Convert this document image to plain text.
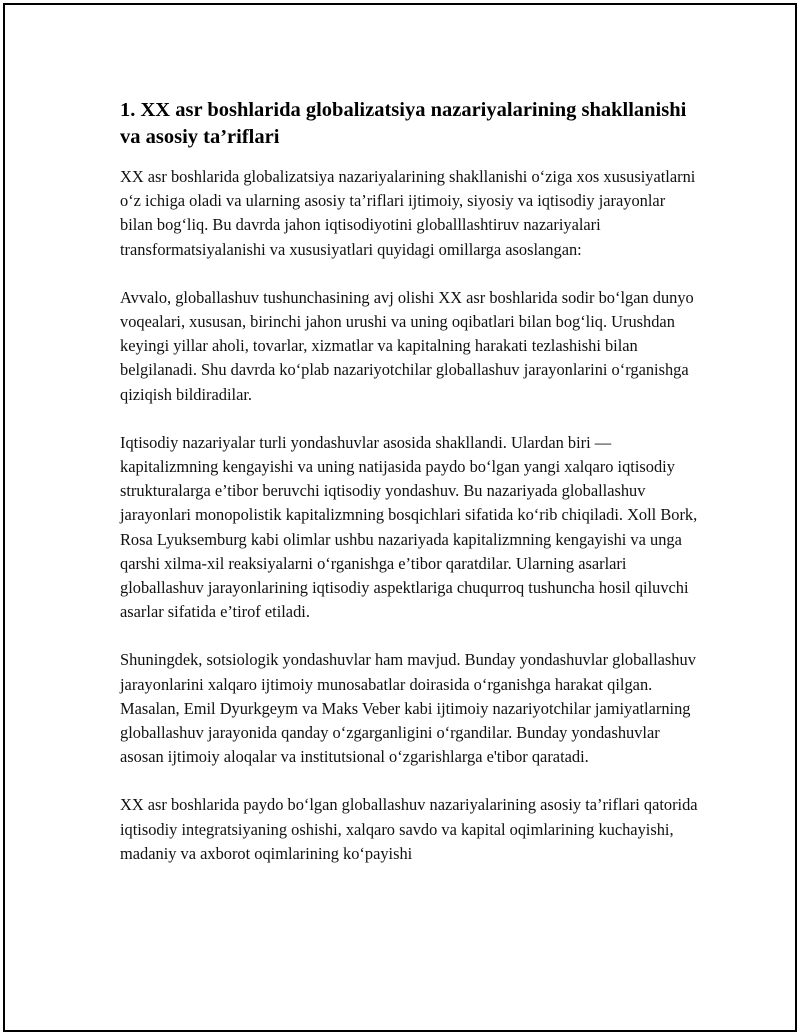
1. XX asr boshlarida globalizatsiya nazariyalarining shakllanishi va asosiy ta’riflari

XX asr boshlarida globalizatsiya nazariyalarining shakllanishi o‘ziga xos xususiyatlarni o‘z ichiga oladi va ularning asosiy ta’riflari ijtimoiy, siyosiy va iqtisodiy jarayonlar bilan bog‘liq. Bu davrda jahon iqtisodiyotini globalllashtiruv nazariyalari transformatsiyalanishi va xususiyatlari quyidagi omillarga asoslangan:

Avvalo, globallashuv tushunchasining avj olishi XX asr boshlarida sodir bo‘lgan dunyo voqealari, xususan, birinchi jahon urushi va uning oqibatlari bilan bog‘liq. Urushdan keyingi yillar aholi, tovarlar, xizmatlar va kapitalning harakati tezlashishi bilan belgilanadi. Shu davrda ko‘plab nazariyotchilar globallashuv jarayonlarini o‘rganishga qiziqish bildiradilar.

Iqtisodiy nazariyalar turli yondashuvlar asosida shakllandi. Ulardan biri — kapitalizmning kengayishi va uning natijasida paydo bo‘lgan yangi xalqaro iqtisodiy strukturalarga e’tibor beruvchi iqtisodiy yondashuv. Bu nazariyada globallashuv jarayonlari monopolistik kapitalizmning bosqichlari sifatida ko‘rib chiqiladi. Xoll Bork, Rosa Lyuksemburg kabi olimlar ushbu nazariyada kapitalizmning kengayishi va unga qarshi xilma-xil reaksiyalarni o‘rganishga e’tibor qaratdilar. Ularning asarlari globallashuv jarayonlarining iqtisodiy aspektlariga chuqurroq tushuncha hosil qiluvchi asarlar sifatida e’tirof etiladi.

Shuningdek, sotsiologik yondashuvlar ham mavjud. Bunday yondashuvlar globallashuv jarayonlarini xalqaro ijtimoiy munosabatlar doirasida o‘rganishga harakat qilgan. Masalan, Emil Dyurkgeym va Maks Veber kabi ijtimoiy nazariyotchilar jamiyatlarning globallashuv jarayonida qanday o‘zgarganligini o‘rgandilar. Bunday yondashuvlar asosan ijtimoiy aloqalar va institutsional o‘zgarishlarga e'tibor qaratadi.

XX asr boshlarida paydo bo‘lgan globallashuv nazariyalarining asosiy ta’riflari qatorida iqtisodiy integratsiyaning oshishi, xalqaro savdo va kapital oqimlarining kuchayishi, madaniy va axborot oqimlarining ko‘payishi
